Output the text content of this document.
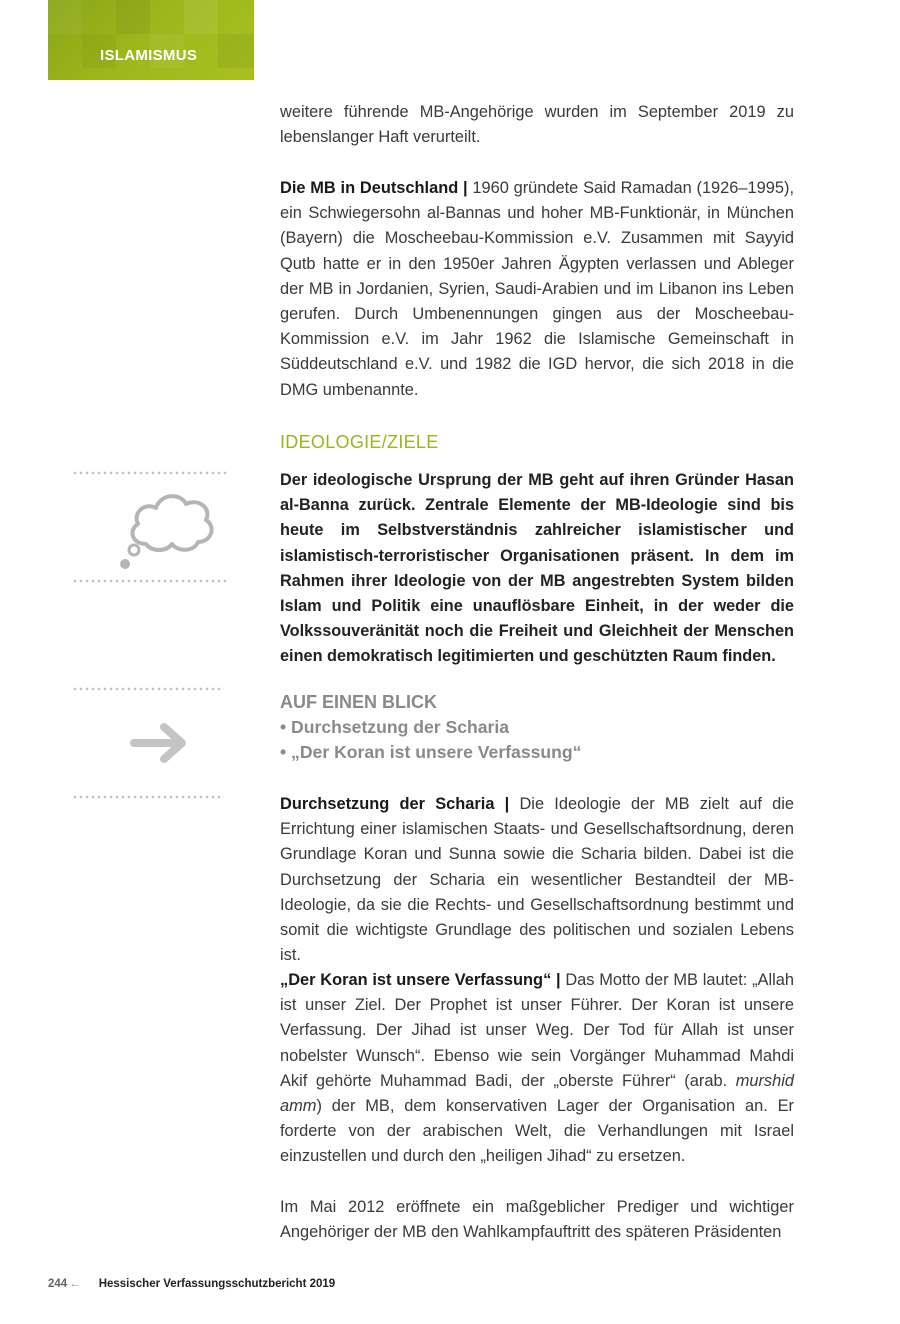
ISLAMISMUS

weitere führende MB-Angehörige wurden im September 2019 zu lebenslanger Haft verurteilt.

Die MB in Deutschland | 1960 gründete Said Ramadan (1926–1995), ein Schwiegersohn al-Bannas und hoher MB-Funktionär, in München (Bayern) die Moscheebau-Kommission e.V. Zusammen mit Sayyid Qutb hatte er in den 1950er Jahren Ägypten verlassen und Ableger der MB in Jordanien, Syrien, Saudi-Arabien und im Libanon ins Leben gerufen. Durch Umbenennungen gingen aus der Moscheebau-Kommission e.V. im Jahr 1962 die Islamische Gemeinschaft in Süddeutschland e.V. und 1982 die IGD hervor, die sich 2018 in die DMG umbenannte.

IDEOLOGIE/ZIELE

Der ideologische Ursprung der MB geht auf ihren Gründer Hasan al-Banna zurück. Zentrale Elemente der MB-Ideologie sind bis heute im Selbstverständnis zahlreicher islamistischer und islamistisch-terroristischer Organisationen präsent. In dem im Rahmen ihrer Ideologie von der MB angestrebten System bilden Islam und Politik eine unauflösbare Einheit, in der weder die Volkssouveränität noch die Freiheit und Gleichheit der Menschen einen demokratisch legitimierten und geschützten Raum finden.

AUF EINEN BLICK
• Durchsetzung der Scharia
• „Der Koran ist unsere Verfassung“

Durchsetzung der Scharia | Die Ideologie der MB zielt auf die Errichtung einer islamischen Staats- und Gesellschaftsordnung, deren Grundlage Koran und Sunna sowie die Scharia bilden. Dabei ist die Durchsetzung der Scharia ein wesentlicher Bestandteil der MB-Ideologie, da sie die Rechts- und Gesellschaftsordnung bestimmt und somit die wichtigste Grundlage des politischen und sozialen Lebens ist.

„Der Koran ist unsere Verfassung“ | Das Motto der MB lautet: „Allah ist unser Ziel. Der Prophet ist unser Führer. Der Koran ist unsere Verfassung. Der Jihad ist unser Weg. Der Tod für Allah ist unser nobelster Wunsch“. Ebenso wie sein Vorgänger Muhammad Mahdi Akif gehörte Muhammad Badi, der „oberste Führer“ (arab. murshid amm) der MB, dem konservativen Lager der Organisation an. Er forderte von der arabischen Welt, die Verhandlungen mit Israel einzustellen und durch den „heiligen Jihad“ zu ersetzen.

Im Mai 2012 eröffnete ein maßgeblicher Prediger und wichtiger Angehöriger der MB den Wahlkampfauftritt des späteren Präsidenten

244 ← Hessischer Verfassungsschutzbericht 2019
